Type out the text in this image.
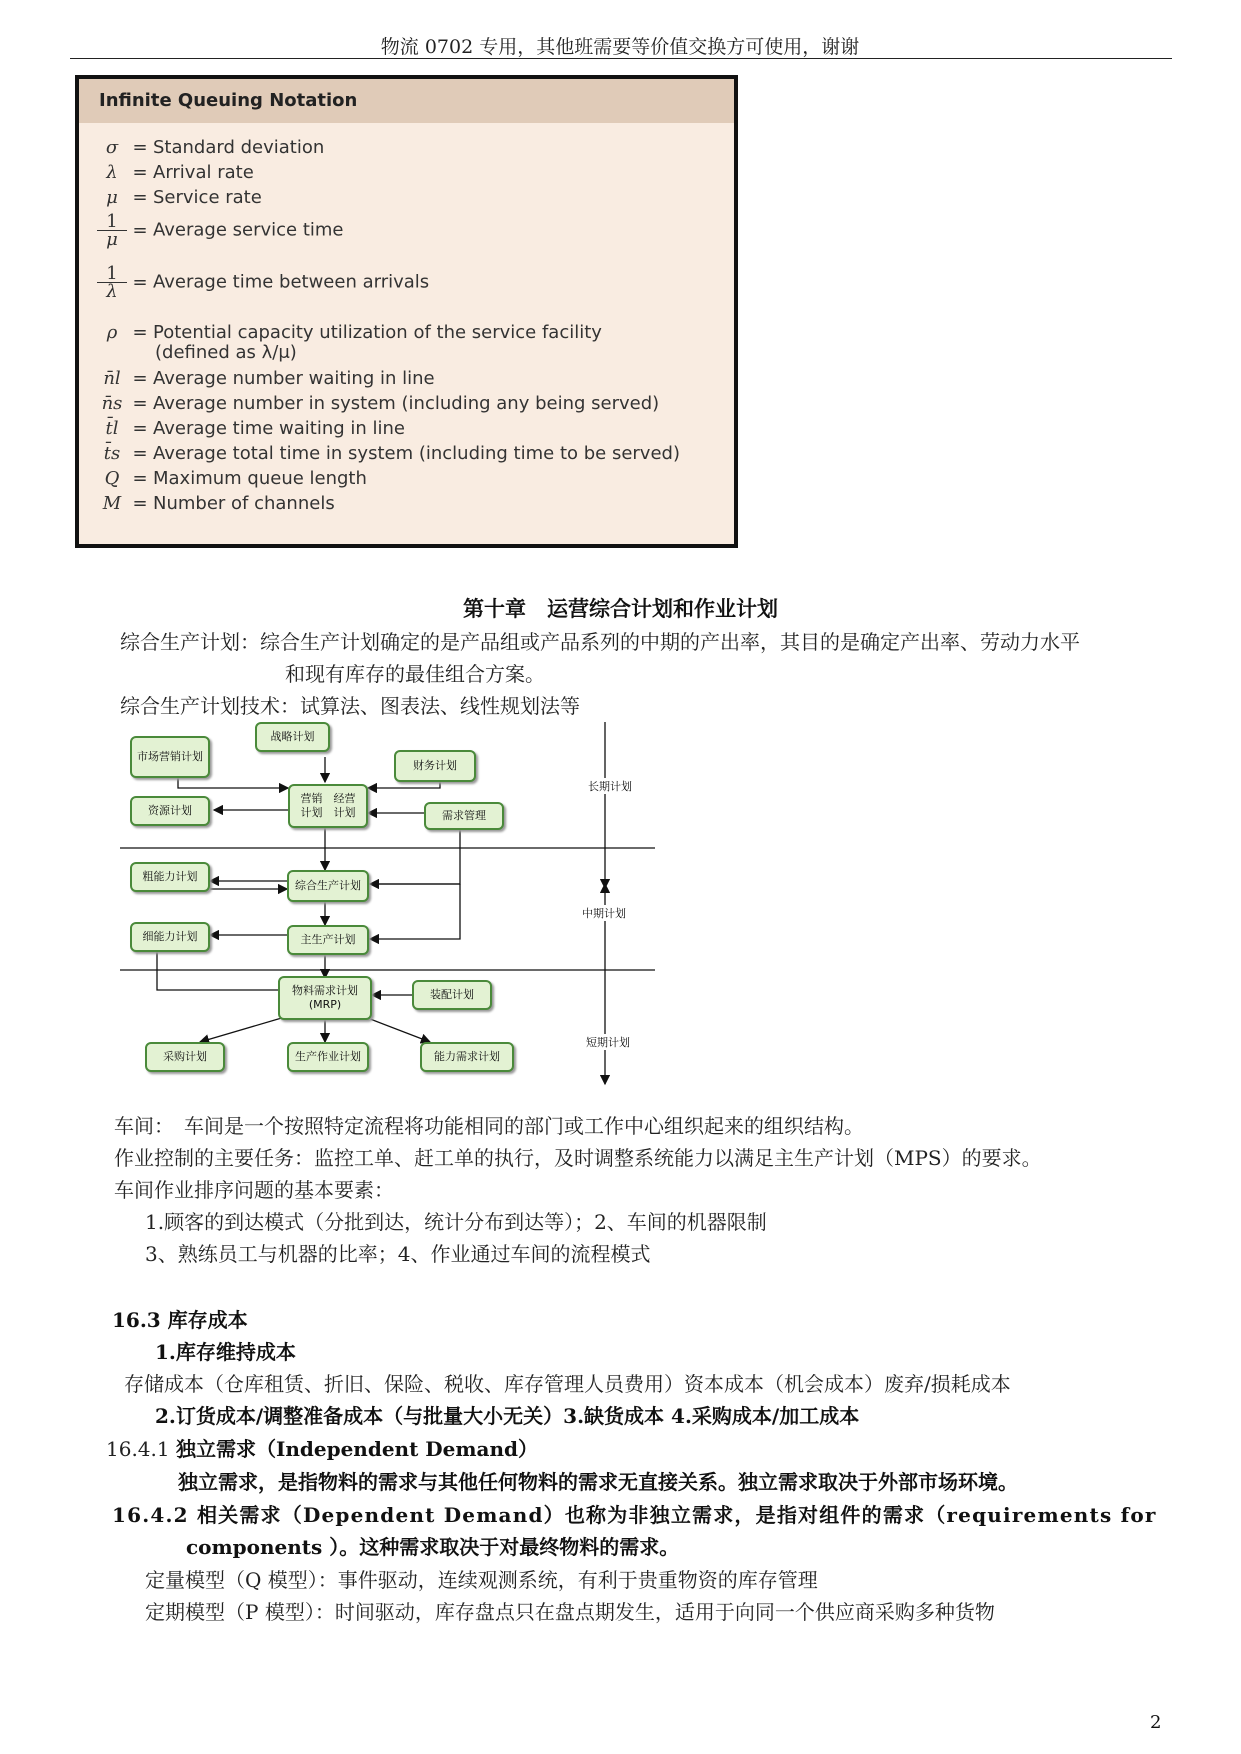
物流 0702 专用，其他班需要等价值交换方可使用，谢谢
Infinite Queuing Notation
σ = Standard deviation
λ = Arrival rate
μ = Service rate
$\frac{1}{\mu}$ = Average service time
$\frac{1}{\lambda}$ = Average time between arrivals
ρ = Potential capacity utilization of the service facility
(defined as λ/μ)
n̄l = Average number waiting in line
n̄s = Average number in system (including any being served)
t̄l = Average time waiting in line
t̄s = Average total time in system (including time to be served)
Q = Maximum queue length
M = Number of channels
第十章　运营综合计划和作业计划
综合生产计划：综合生产计划确定的是产品组或产品系列的中期的产出率，其目的是确定产出率、劳动力水平
和现有库存的最佳组合方案。
综合生产计划技术：试算法、图表法、线性规划法等
战略计划
市场营销计划
财务计划
资源计划
营销　经营
计划　计划	需求管理
粗能力计划
综合生产计划
细能力计划	主生产计划
物料需求计划
(MRP)
装配计划
采购计划	生产作业计划	能力需求计划
长期计划
中期计划
短期计划
车间：　车间是一个按照特定流程将功能相同的部门或工作中心组织起来的组织结构。
作业控制的主要任务：监控工单、赶工单的执行，及时调整系统能力以满足主生产计划（MPS）的要求。
车间作业排序问题的基本要素：
1.顾客的到达模式（分批到达，统计分布到达等）；2、车间的机器限制
3、熟练员工与机器的比率；4、作业通过车间的流程模式
16.3 库存成本
1.库存维持成本
存储成本（仓库租赁、折旧、保险、税收、库存管理人员费用）资本成本（机会成本）废弃/损耗成本
2.订货成本/调整准备成本（与批量大小无关）3.缺货成本 4.采购成本/加工成本
16.4.1 独立需求（Independent Demand）
独立需求，是指物料的需求与其他任何物料的需求无直接关系。独立需求取决于外部市场环境。
16.4.2 相关需求（Dependent Demand）也称为非独立需求，是指对组件的需求（requirements for
components ）。这种需求取决于对最终物料的需求。
定量模型（Q 模型）：事件驱动，连续观测系统，有利于贵重物资的库存管理
定期模型（P 模型）：时间驱动，库存盘点只在盘点期发生，适用于向同一个供应商采购多种货物
2
